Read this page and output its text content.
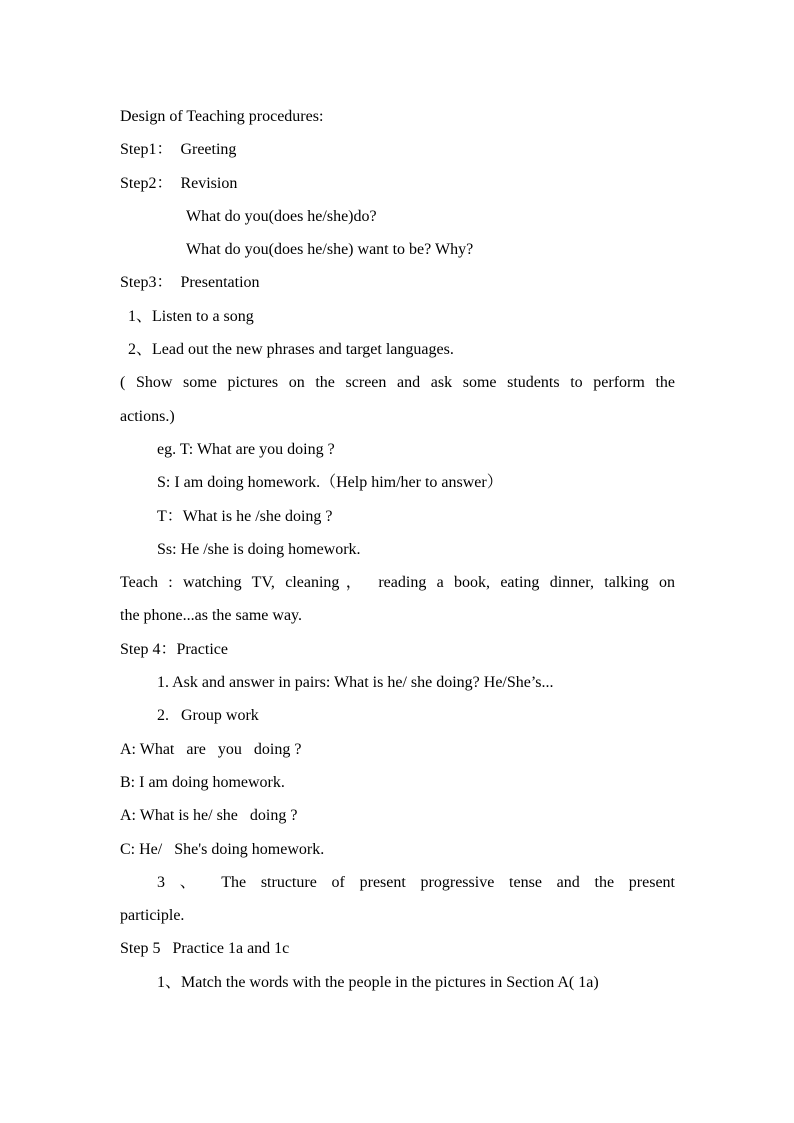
Design of Teaching procedures:
Step1：  Greeting
Step2：  Revision
What do you(does he/she)do?
What do you(does he/she) want to be? Why?
Step3：  Presentation
1、Listen to a song
2、Lead out the new phrases and target languages.
( Show some pictures on the screen and ask some students to perform the
actions.)
eg. T: What are you doing ?
S: I am doing homework.（Help him/her to answer）
T：What is he /she doing ?
Ss: He /she is doing homework.
Teach : watching TV, cleaning， reading a book, eating dinner, talking on
the phone...as the same way.
Step 4：Practice
1. Ask and answer in pairs: What is he/ she doing? He/She’s...
2.   Group work
A: What   are   you   doing ?
B: I am doing homework.
A: What is he/ she   doing ?
C: He/   She's doing homework.
3 、 The structure of present progressive tense and the present
participle.
Step 5   Practice 1a and 1c
1、Match the words with the people in the pictures in Section A( 1a)
